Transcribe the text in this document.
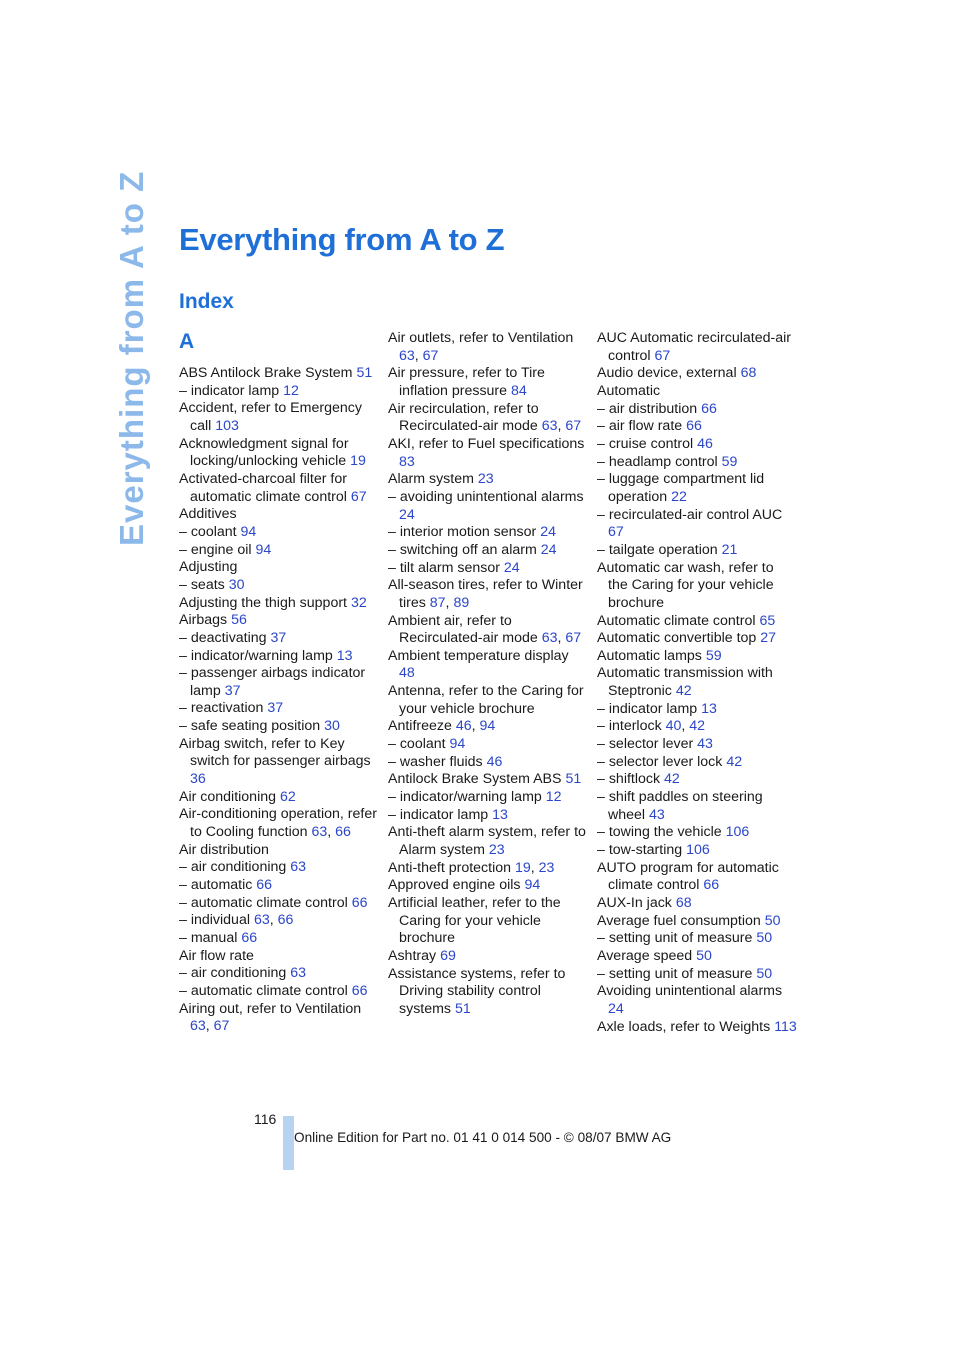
Everything from A to Z Everything from A to Z
Index
A
ABS Antilock Brake System 51
– indicator lamp 12
Accident, refer to Emergency call 103
Acknowledgment signal for locking/unlocking vehicle 19
Activated-charcoal filter for automatic climate control 67
Additives
– coolant 94
– engine oil 94
Adjusting
– seats 30
Adjusting the thigh support 32
Airbags 56
– deactivating 37
– indicator/warning lamp 13
– passenger airbags indicator lamp 37
– reactivation 37
– safe seating position 30
Airbag switch, refer to Key switch for passenger airbags 36
Air conditioning 62
Air-conditioning operation, refer to Cooling function 63, 66
Air distribution
– air conditioning 63
– automatic 66
– automatic climate control 66
– individual 63, 66
– manual 66
Air flow rate
– air conditioning 63
– automatic climate control 66
Airing out, refer to Ventilation 63, 67
Air outlets, refer to Ventilation 63, 67
Air pressure, refer to Tire inflation pressure 84
Air recirculation, refer to Recirculated-air mode 63, 67
AKI, refer to Fuel specifications 83
Alarm system 23
– avoiding unintentional alarms 24
– interior motion sensor 24
– switching off an alarm 24
– tilt alarm sensor 24
All-season tires, refer to Winter tires 87, 89
Ambient air, refer to Recirculated-air mode 63, 67
Ambient temperature display 48
Antenna, refer to the Caring for your vehicle brochure
Antifreeze 46, 94
– coolant 94
– washer fluids 46
Antilock Brake System ABS 51
– indicator/warning lamp 12
– indicator lamp 13
Anti-theft alarm system, refer to Alarm system 23
Anti-theft protection 19, 23
Approved engine oils 94
Artificial leather, refer to the Caring for your vehicle brochure
Ashtray 69
Assistance systems, refer to Driving stability control systems 51
AUC Automatic recirculated-air control 67
Audio device, external 68
Automatic
– air distribution 66
– air flow rate 66
– cruise control 46
– headlamp control 59
– luggage compartment lid operation 22
– recirculated-air control AUC 67
– tailgate operation 21
Automatic car wash, refer to the Caring for your vehicle brochure
Automatic climate control 65
Automatic convertible top 27
Automatic lamps 59
Automatic transmission with Steptronic 42
– indicator lamp 13
– interlock 40, 42
– selector lever 43
– selector lever lock 42
– shiftlock 42
– shift paddles on steering wheel 43
– towing the vehicle 106
– tow-starting 106
AUTO program for automatic climate control 66
AUX-In jack 68
Average fuel consumption 50
– setting unit of measure 50
Average speed 50
– setting unit of measure 50
Avoiding unintentional alarms 24
Axle loads, refer to Weights 113
116
Online Edition for Part no. 01 41 0 014 500 - © 08/07 BMW AG
